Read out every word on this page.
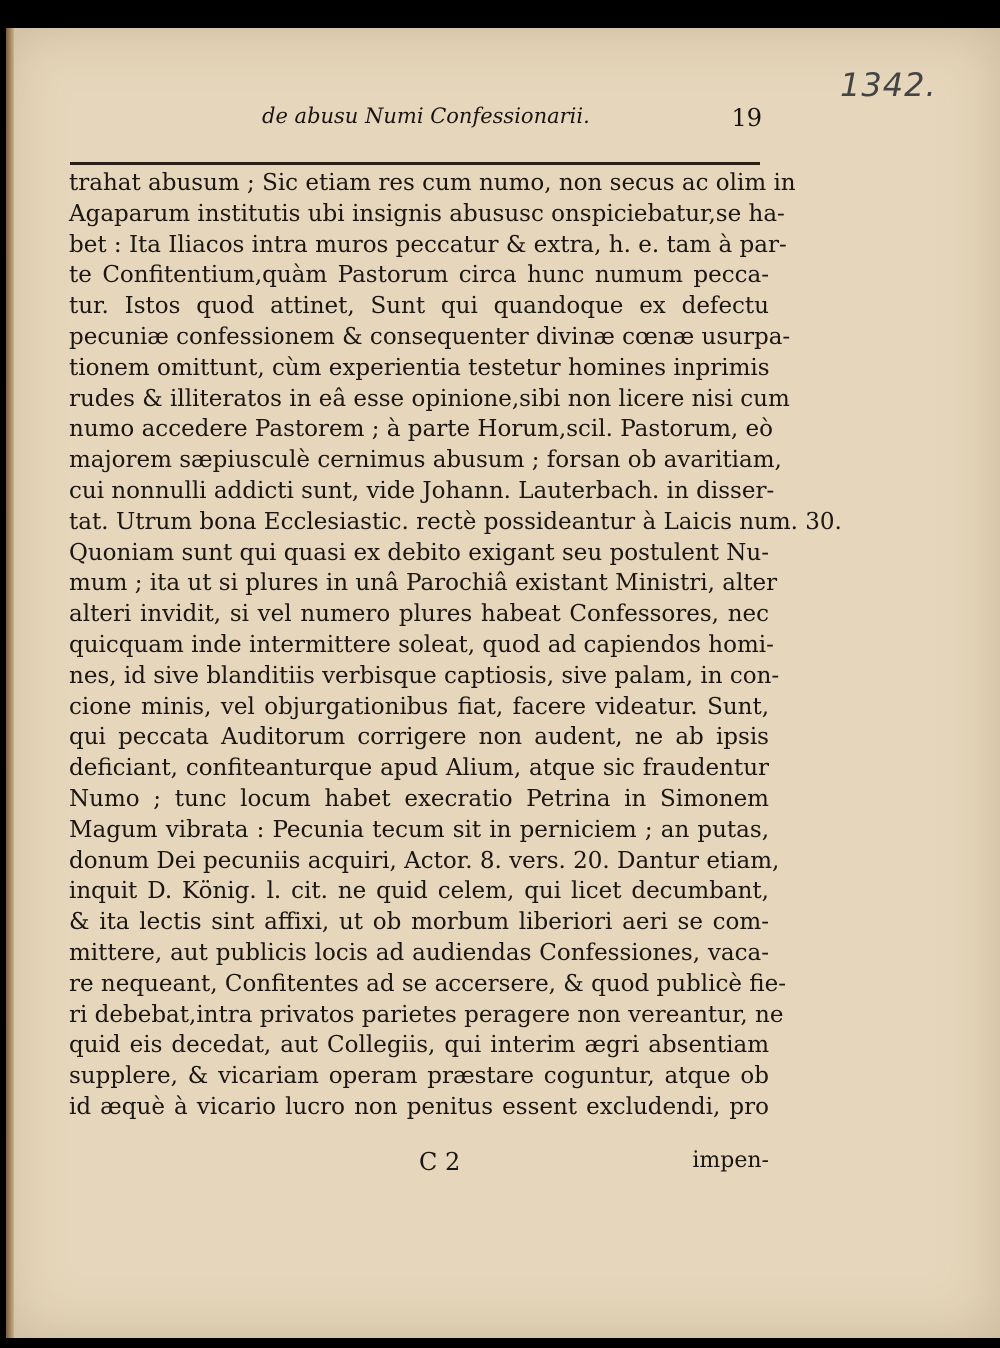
1342.
de abusu Numi Confessionarii.	19
trahat abusum ; Sic etiam res cum numo, non secus ac olim in
Agaparum institutis ubi insignis abususc onspiciebatur,se ha-
bet : Ita Iliacos intra muros peccatur & extra, h. e. tam à par-
te Confitentium,quàm Pastorum circa hunc numum pecca-
tur. Istos quod attinet, Sunt qui quandoque ex defectu
pecuniæ confessionem & consequenter divinæ cœnæ usurpa-
tionem omittunt, cùm experientia testetur homines inprimis
rudes & illiteratos in eâ esse opinione,sibi non licere nisi cum
numo accedere Pastorem ; à parte Horum,scil. Pastorum, eò
majorem sæpiusculè cernimus abusum ; forsan ob avaritiam,
cui nonnulli addicti sunt, vide Johann. Lauterbach. in disser-
tat. Utrum bona Ecclesiastic. rectè possideantur à Laicis num. 30.
Quoniam sunt qui quasi ex debito exigant seu postulent Nu-
mum ; ita ut si plures in unâ Parochiâ existant Ministri, alter
alteri invidit, si vel numero plures habeat Confessores, nec
quicquam inde intermittere soleat, quod ad capiendos homi-
nes, id sive blanditiis verbisque captiosis, sive palam, in con-
cione minis, vel objurgationibus fiat, facere videatur. Sunt,
qui peccata Auditorum corrigere non audent, ne ab ipsis
deficiant, confiteanturque apud Alium, atque sic fraudentur
Numo ; tunc locum habet execratio Petrina in Simonem
Magum vibrata : Pecunia tecum sit in perniciem ; an putas,
donum Dei pecuniis acquiri, Actor. 8. vers. 20. Dantur etiam,
inquit D. König. l. cit. ne quid celem, qui licet decumbant,
& ita lectis sint affixi, ut ob morbum liberiori aeri se com-
mittere, aut publicis locis ad audiendas Confessiones, vaca-
re nequeant, Confitentes ad se accersere, & quod publicè fie-
ri debebat,intra privatos parietes peragere non vereantur, ne
quid eis decedat, aut Collegiis, qui interim ægri absentiam
supplere, & vicariam operam præstare coguntur, atque ob
id æquè à vicario lucro non penitus essent excludendi, pro
C 2	impen-
